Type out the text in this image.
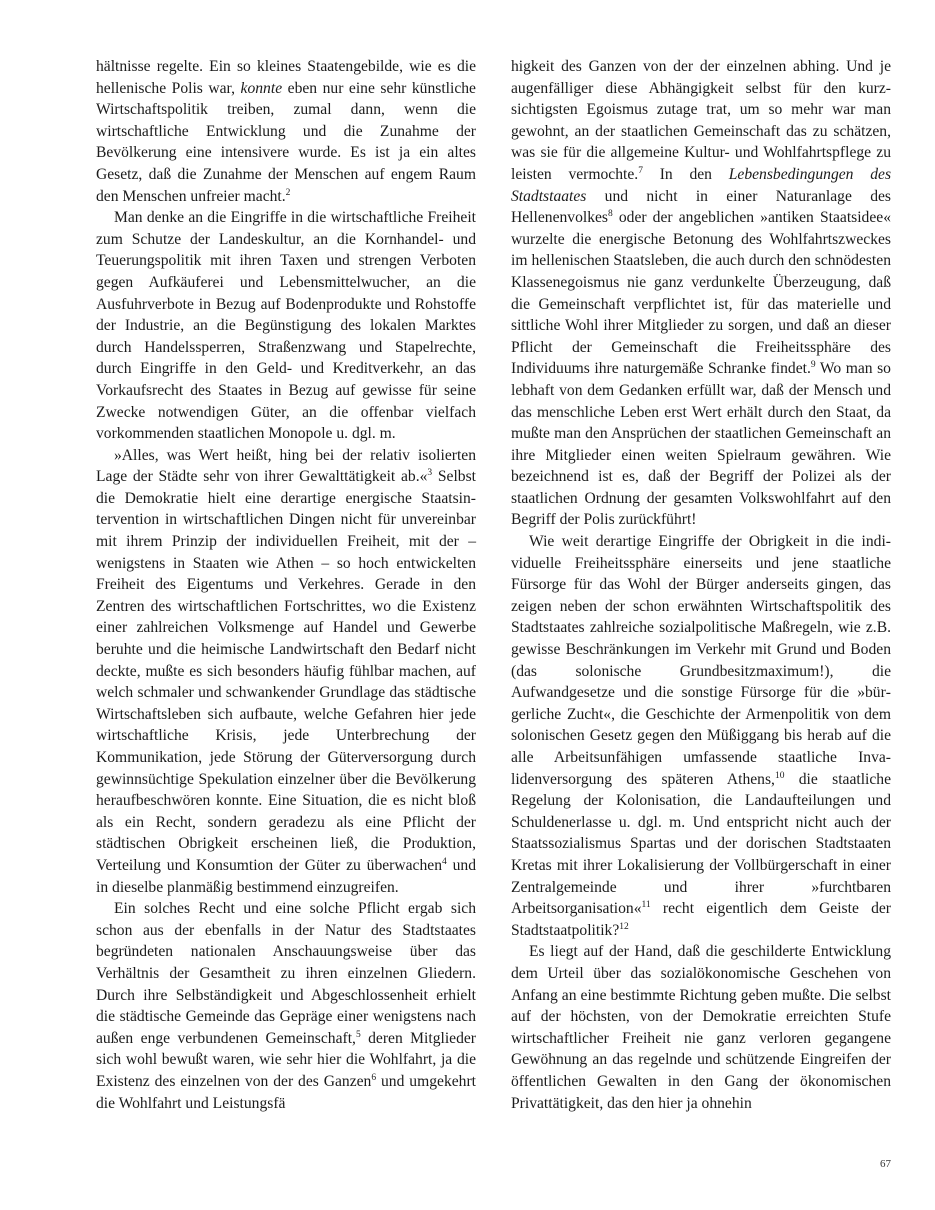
hältnisse regelte. Ein so kleines Staatengebilde, wie es die hellenische Polis war, konnte eben nur eine sehr künstliche Wirtschaftspolitik treiben, zumal dann, wenn die wirtschaftliche Entwicklung und die Zunahme der Bevölkerung eine intensivere wurde. Es ist ja ein altes Gesetz, daß die Zunahme der Menschen auf engem Raum den Menschen unfreier macht.$^2$

Man denke an die Eingriffe in die wirtschaftliche Freiheit zum Schutze der Landeskultur, an die Kornhandel- und Teuerungspolitik mit ihren Taxen und strengen Verboten gegen Aufkäuferei und Lebensmittelwucher, an die Ausfuhrverbote in Bezug auf Bodenprodukte und Rohstoffe der Industrie, an die Begünstigung des lokalen Marktes durch Handelssperren, Straßenzwang und Stapelrechte, durch Eingriffe in den Geld- und Kreditverkehr, an das Vorkaufsrecht des Staates in Bezug auf gewisse für seine Zwecke notwendigen Güter, an die offenbar vielfach vorkommenden staatlichen Monopole u. dgl. m.

»Alles, was Wert heißt, hing bei der relativ isolierten Lage der Städte sehr von ihrer Gewalttätigkeit ab.«$^3$ Selbst die Demokratie hielt eine derartige energische Staatsintervention in wirtschaftlichen Dingen nicht für unvereinbar mit ihrem Prinzip der individuellen Freiheit, mit der – wenigstens in Staaten wie Athen – so hoch entwickelten Freiheit des Eigentums und Verkehres. Gerade in den Zentren des wirtschaftlichen Fortschrittes, wo die Existenz einer zahlreichen Volksmenge auf Handel und Gewerbe beruhte und die heimische Landwirtschaft den Bedarf nicht deckte, mußte es sich besonders häufig fühlbar machen, auf welch schmaler und schwankender Grundlage das städtische Wirtschaftsleben sich aufbaute, welche Gefahren hier jede wirtschaftliche Krisis, jede Unterbrechung der Kommunikation, jede Störung der Güterversorgung durch gewinnsüchtige Spekulation einzelner über die Bevölkerung heraufbeschwören konnte. Eine Situation, die es nicht bloß als ein Recht, sondern geradezu als eine Pflicht der städtischen Obrigkeit erscheinen ließ, die Produktion, Verteilung und Konsumtion der Güter zu überwachen$^4$ und in dieselbe planmäßig bestimmend einzugreifen.

Ein solches Recht und eine solche Pflicht ergab sich schon aus der ebenfalls in der Natur des Stadtstaates begründeten nationalen Anschauungsweise über das Verhältnis der Gesamtheit zu ihren einzelnen Gliedern. Durch ihre Selbständigkeit und Abgeschlossenheit erhielt die städtische Gemeinde das Gepräge einer wenigstens nach außen enge verbundenen Gemeinschaft,$^5$ deren Mitglieder sich wohl bewußt waren, wie sehr hier die Wohlfahrt, ja die Existenz des einzelnen von der des Ganzen$^6$ und umgekehrt die Wohlfahrt und Leistungsfä

higkeit des Ganzen von der der einzelnen abhing. Und je augenfälliger diese Abhängigkeit selbst für den kurzsichtigsten Egoismus zutage trat, um so mehr war man gewohnt, an der staatlichen Gemeinschaft das zu schätzen, was sie für die allgemeine Kultur- und Wohlfahrtspflege zu leisten vermochte.$^7$ In den Lebensbedingungen des Stadtstaates und nicht in einer Naturanlage des Hellenenvolkes$^8$ oder der angeblichen »antiken Staatsidee« wurzelte die energische Betonung des Wohlfahrtszweckes im hellenischen Staatsleben, die auch durch den schnödesten Klassenegoismus nie ganz verdunkelte Überzeugung, daß die Gemeinschaft verpflichtet ist, für das materielle und sittliche Wohl ihrer Mitglieder zu sorgen, und daß an dieser Pflicht der Gemeinschaft die Freiheitssphäre des Individuums ihre naturgemäße Schranke findet.$^9$ Wo man so lebhaft von dem Gedanken erfüllt war, daß der Mensch und das menschliche Leben erst Wert erhält durch den Staat, da mußte man den Ansprüchen der staatlichen Gemeinschaft an ihre Mitglieder einen weiten Spielraum gewähren. Wie bezeichnend ist es, daß der Begriff der Polizei als der staatlichen Ordnung der gesamten Volkswohlfahrt auf den Begriff der Polis zurückführt!

Wie weit derartige Eingriffe der Obrigkeit in die individuelle Freiheitssphäre einerseits und jene staatliche Fürsorge für das Wohl der Bürger anderseits gingen, das zeigen neben der schon erwähnten Wirtschaftspolitik des Stadtstaates zahlreiche sozialpolitische Maßregeln, wie z.B. gewisse Beschränkungen im Verkehr mit Grund und Boden (das solonische Grundbesitzmaximum!), die Aufwandgesetze und die sonstige Fürsorge für die »bürgerliche Zucht«, die Geschichte der Armenpolitik von dem solonischen Gesetz gegen den Müßiggang bis herab auf die alle Arbeitsunfähigen umfassende staatliche Invalidenversorgung des späteren Athens,$^{10}$ die staatliche Regelung der Kolonisation, die Landaufteilungen und Schuldenerlasse u. dgl. m. Und entspricht nicht auch der Staatssozialismus Spartas und der dorischen Stadtstaaten Kretas mit ihrer Lokalisierung der Vollbürgerschaft in einer Zentralgemeinde und ihrer »furchtbaren Arbeitsorganisation«$^{11}$ recht eigentlich dem Geiste der Stadtstaatpolitik?$^{12}$

Es liegt auf der Hand, daß die geschilderte Entwicklung dem Urteil über das sozialökonomische Geschehen von Anfang an eine bestimmte Richtung geben mußte. Die selbst auf der höchsten, von der Demokratie erreichten Stufe wirtschaftlicher Freiheit nie ganz verloren gegangene Gewöhnung an das regelnde und schützende Eingreifen der öffentlichen Gewalten in den Gang der ökonomischen Privattätigkeit, das den hier ja ohnehin

67
